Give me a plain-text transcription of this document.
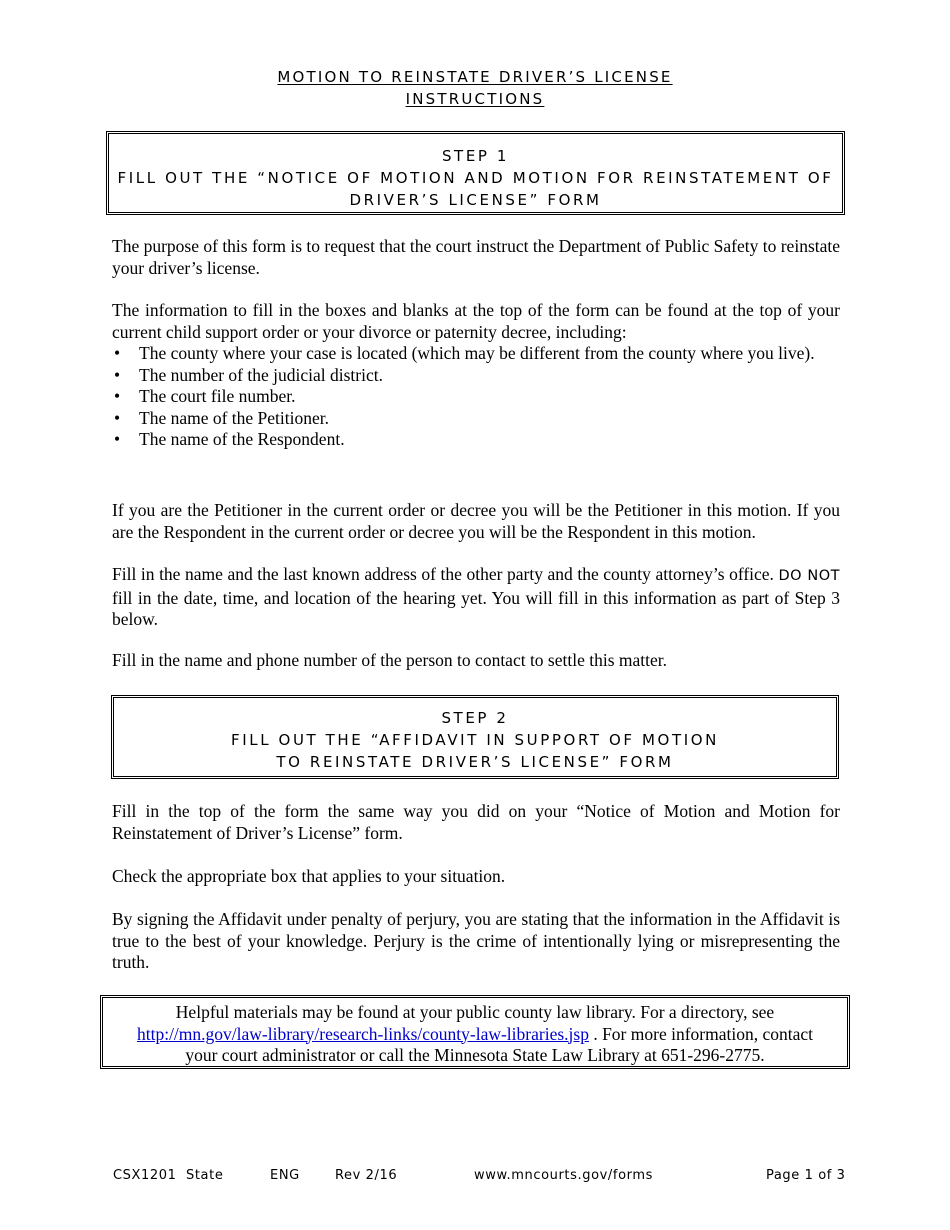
MOTION TO REINSTATE DRIVER’S LICENSE
INSTRUCTIONS
STEP 1
FILL OUT THE “NOTICE OF MOTION AND MOTION FOR REINSTATEMENT OF
DRIVER’S LICENSE” FORM
The purpose of this form is to request that the court instruct the Department of Public Safety to reinstate your driver’s license.
The information to fill in the boxes and blanks at the top of the form can be found at the top of your current child support order or your divorce or paternity decree, including:
• The county where your case is located (which may be different from the county where you live).
• The number of the judicial district.
• The court file number.
• The name of the Petitioner.
• The name of the Respondent.
If you are the Petitioner in the current order or decree you will be the Petitioner in this motion. If you are the Respondent in the current order or decree you will be the Respondent in this motion.
Fill in the name and the last known address of the other party and the county attorney’s office. DO NOT fill in the date, time, and location of the hearing yet. You will fill in this information as part of Step 3 below.
Fill in the name and phone number of the person to contact to settle this matter.
STEP 2
FILL OUT THE “AFFIDAVIT IN SUPPORT OF MOTION
TO REINSTATE DRIVER’S LICENSE” FORM
Fill in the top of the form the same way you did on your “Notice of Motion and Motion for Reinstatement of Driver’s License” form.
Check the appropriate box that applies to your situation.
By signing the Affidavit under penalty of perjury, you are stating that the information in the Affidavit is true to the best of your knowledge. Perjury is the crime of intentionally lying or misrepresenting the truth.
Helpful materials may be found at your public county law library. For a directory, see
http://mn.gov/law-library/research-links/county-law-libraries.jsp . For more information, contact
your court administrator or call the Minnesota State Law Library at 651-296-2775.
CSX1201 State	ENG	Rev 2/16	www.mncourts.gov/forms	Page 1 of 3
